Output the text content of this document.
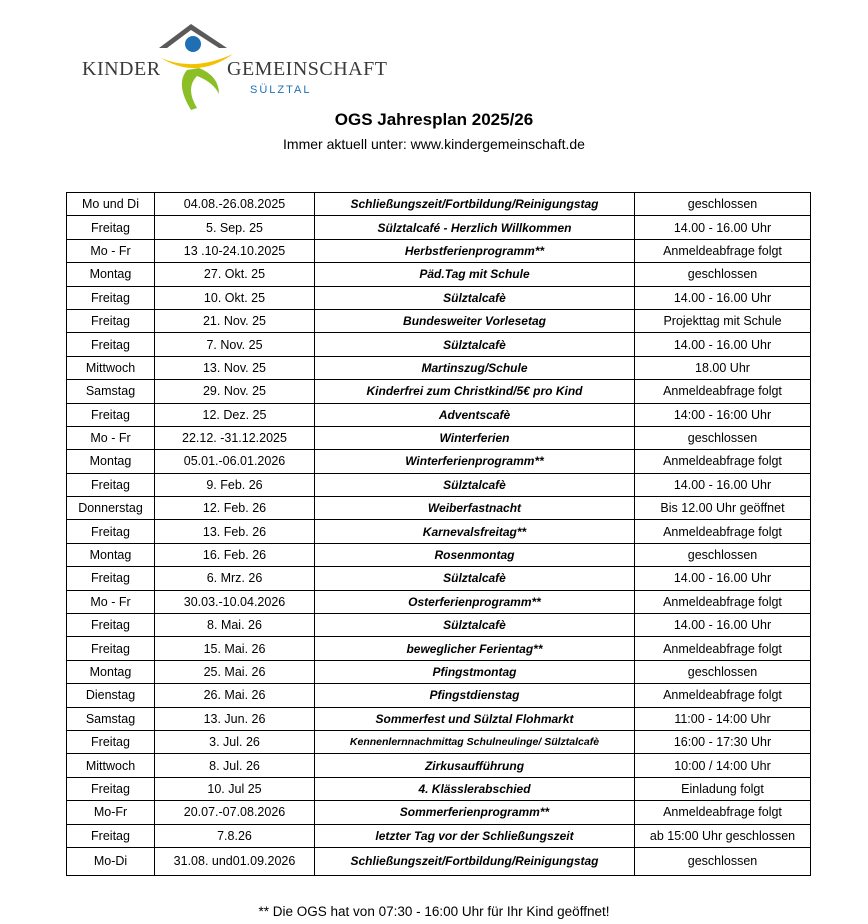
KINDER	GEMEINSCHAFT
SÜLZTAL
OGS Jahresplan 2025/26

Immer aktuell unter: www.kindergemeinschaft.de

Mo und Di	04.08.-26.08.2025	Schließungszeit/Fortbildung/Reinigungstag	geschlossen
Freitag	5. Sep. 25	Sülztalcafé - Herzlich Willkommen	14.00 - 16.00 Uhr
Mo - Fr	13 .10-24.10.2025	Herbstferienprogramm**	Anmeldeabfrage folgt
Montag	27. Okt. 25	Päd.Tag mit Schule	geschlossen
Freitag	10. Okt. 25	Sülztalcafè	14.00 - 16.00 Uhr
Freitag	21. Nov. 25	Bundesweiter Vorlesetag	Projekttag mit Schule
Freitag	7. Nov. 25	Sülztalcafè	14.00 - 16.00 Uhr
Mittwoch	13. Nov. 25	Martinszug/Schule	18.00 Uhr
Samstag	29. Nov. 25	Kinderfrei zum Christkind/5€ pro Kind	Anmeldeabfrage folgt
Freitag	12. Dez. 25	Adventscafè	14:00 - 16:00 Uhr
Mo - Fr	22.12. -31.12.2025	Winterferien	geschlossen
Montag	05.01.-06.01.2026	Winterferienprogramm**	Anmeldeabfrage folgt
Freitag	9. Feb. 26	Sülztalcafè	14.00 - 16.00 Uhr
Donnerstag	12. Feb. 26	Weiberfastnacht	Bis 12.00 Uhr geöffnet
Freitag	13. Feb. 26	Karnevalsfreitag**	Anmeldeabfrage folgt
Montag	16. Feb. 26	Rosenmontag	geschlossen
Freitag	6. Mrz. 26	Sülztalcafè	14.00 - 16.00 Uhr
Mo - Fr	30.03.-10.04.2026	Osterferienprogramm**	Anmeldeabfrage folgt
Freitag	8. Mai. 26	Sülztalcafè	14.00 - 16.00 Uhr
Freitag	15. Mai. 26	beweglicher Ferientag**	Anmeldeabfrage folgt
Montag	25. Mai. 26	Pfingstmontag	geschlossen
Dienstag	26. Mai. 26	Pfingstdienstag	Anmeldeabfrage folgt
Samstag	13. Jun. 26	Sommerfest und Sülztal Flohmarkt	11:00 - 14:00 Uhr
Freitag	3. Jul. 26	Kennenlernnachmittag Schulneulinge/ Sülztalcafè	16:00 - 17:30 Uhr
Mittwoch	8. Jul. 26	Zirkusaufführung	10:00 / 14:00 Uhr
Freitag	10. Jul 25	4. Klässlerabschied	Einladung folgt
Mo-Fr	20.07.-07.08.2026	Sommerferienprogramm**	Anmeldeabfrage folgt
Freitag	7.8.26	letzter Tag vor der Schließungszeit	ab 15:00 Uhr geschlossen
Mo-Di	31.08. und01.09.2026	Schließungszeit/Fortbildung/Reinigungstag	geschlossen

** Die OGS hat von 07:30 - 16:00 Uhr für Ihr Kind geöffnet!
